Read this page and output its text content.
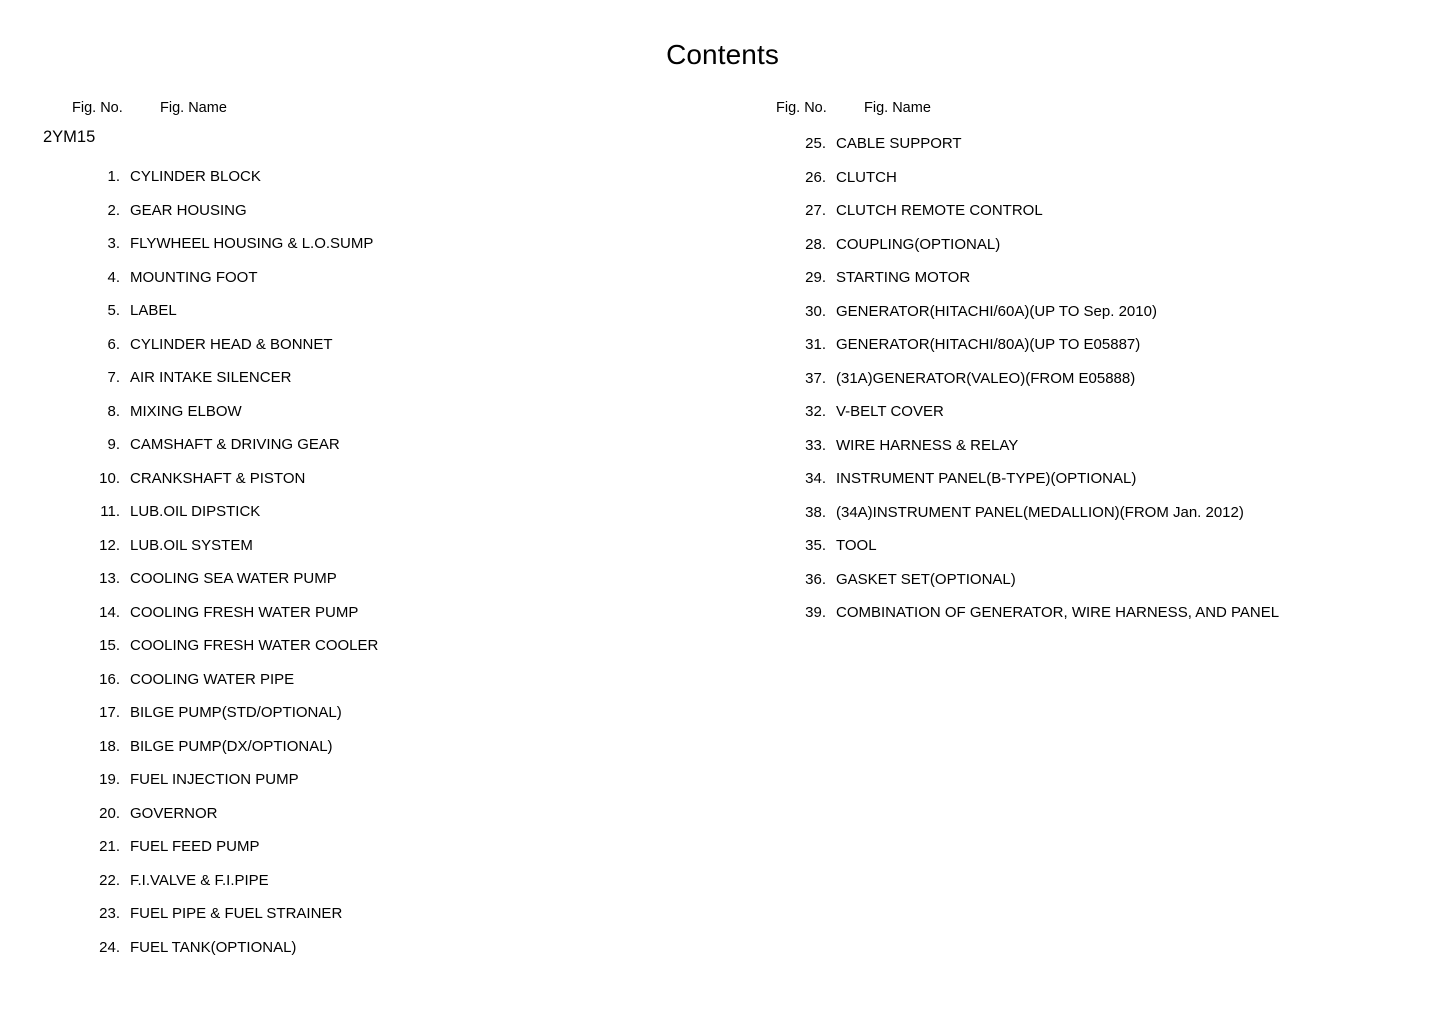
Contents
Fig. No.	Fig. Name
2YM15
1. CYLINDER BLOCK
2. GEAR HOUSING
3. FLYWHEEL HOUSING & L.O.SUMP
4. MOUNTING FOOT
5. LABEL
6. CYLINDER HEAD & BONNET
7. AIR INTAKE SILENCER
8. MIXING ELBOW
9. CAMSHAFT & DRIVING GEAR
10. CRANKSHAFT & PISTON
11. LUB.OIL DIPSTICK
12. LUB.OIL SYSTEM
13. COOLING SEA WATER PUMP
14. COOLING FRESH WATER PUMP
15. COOLING FRESH WATER COOLER
16. COOLING WATER PIPE
17. BILGE PUMP(STD/OPTIONAL)
18. BILGE PUMP(DX/OPTIONAL)
19. FUEL INJECTION PUMP
20. GOVERNOR
21. FUEL FEED PUMP
22. F.I.VALVE & F.I.PIPE
23. FUEL PIPE & FUEL STRAINER
24. FUEL TANK(OPTIONAL)
Fig. No.	Fig. Name
25. CABLE SUPPORT
26. CLUTCH
27. CLUTCH REMOTE CONTROL
28. COUPLING(OPTIONAL)
29. STARTING MOTOR
30. GENERATOR(HITACHI/60A)(UP TO Sep. 2010)
31. GENERATOR(HITACHI/80A)(UP TO E05887)
37. (31A)GENERATOR(VALEO)(FROM E05888)
32. V-BELT COVER
33. WIRE HARNESS & RELAY
34. INSTRUMENT PANEL(B-TYPE)(OPTIONAL)
38. (34A)INSTRUMENT PANEL(MEDALLION)(FROM Jan. 2012)
35. TOOL
36. GASKET SET(OPTIONAL)
39. COMBINATION OF GENERATOR, WIRE HARNESS, AND PANEL
